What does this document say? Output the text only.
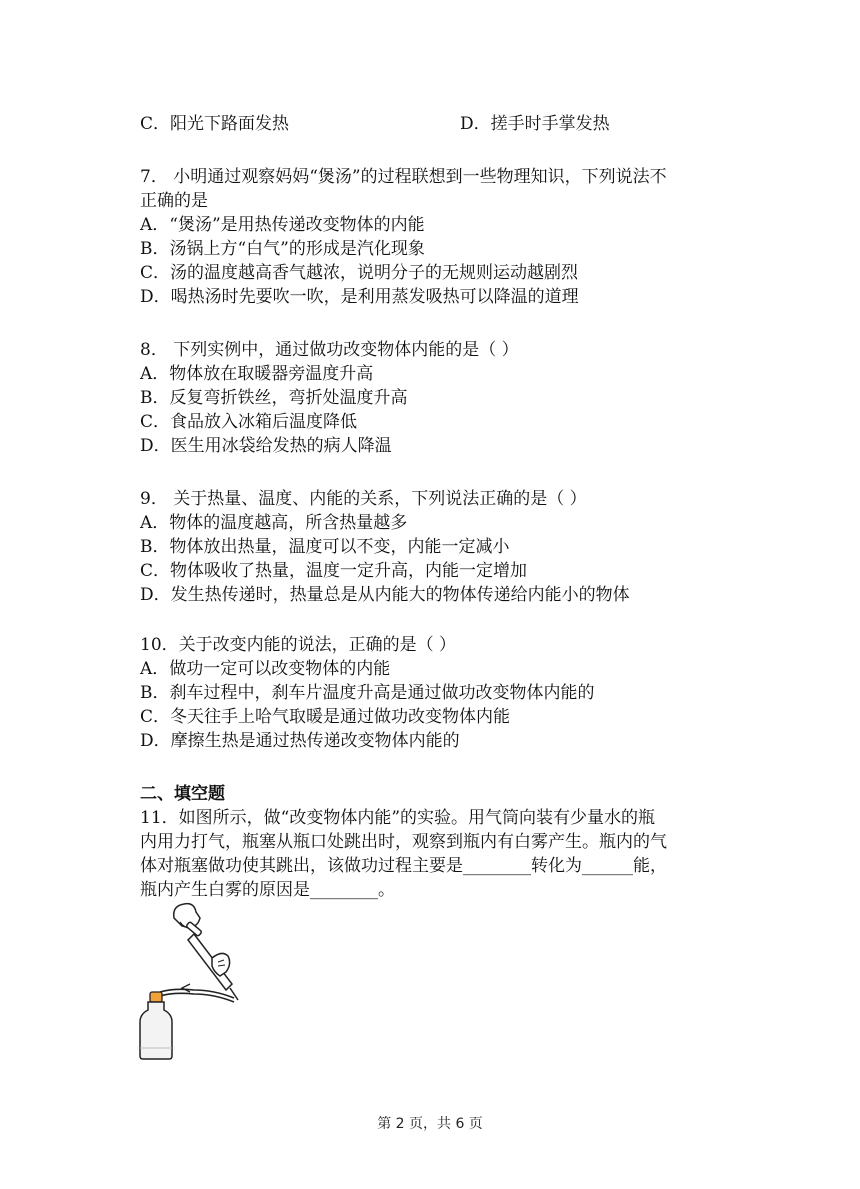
C．阳光下路面发热	D．搓手时手掌发热
7． 小明通过观察妈妈“煲汤”的过程联想到一些物理知识，下列说法不
正确的是
A．“煲汤”是用热传递改变物体的内能
B．汤锅上方“白气”的形成是汽化现象
C．汤的温度越高香气越浓，说明分子的无规则运动越剧烈
D．喝热汤时先要吹一吹，是利用蒸发吸热可以降温的道理
8． 下列实例中，通过做功改变物体内能的是（ ）
A．物体放在取暖器旁温度升高
B．反复弯折铁丝，弯折处温度升高
C．食品放入冰箱后温度降低
D．医生用冰袋给发热的病人降温
9． 关于热量、温度、内能的关系，下列说法正确的是（ ）
A．物体的温度越高，所含热量越多
B．物体放出热量，温度可以不变，内能一定减小
C．物体吸收了热量，温度一定升高，内能一定增加
D．发生热传递时，热量总是从内能大的物体传递给内能小的物体
10．关于改变内能的说法，正确的是（ ）
A．做功一定可以改变物体的内能
B．刹车过程中，刹车片温度升高是通过做功改变物体内能的
C．冬天往手上哈气取暖是通过做功改变物体内能
D．摩擦生热是通过热传递改变物体内能的
二、填空题
11．如图所示，做“改变物体内能”的实验。用气筒向装有少量水的瓶
内用力打气，瓶塞从瓶口处跳出时，观察到瓶内有白雾产生。瓶内的气
体对瓶塞做功使其跳出，该做功过程主要是________转化为______能，
瓶内产生白雾的原因是________。
第 2 页，共 6 页
